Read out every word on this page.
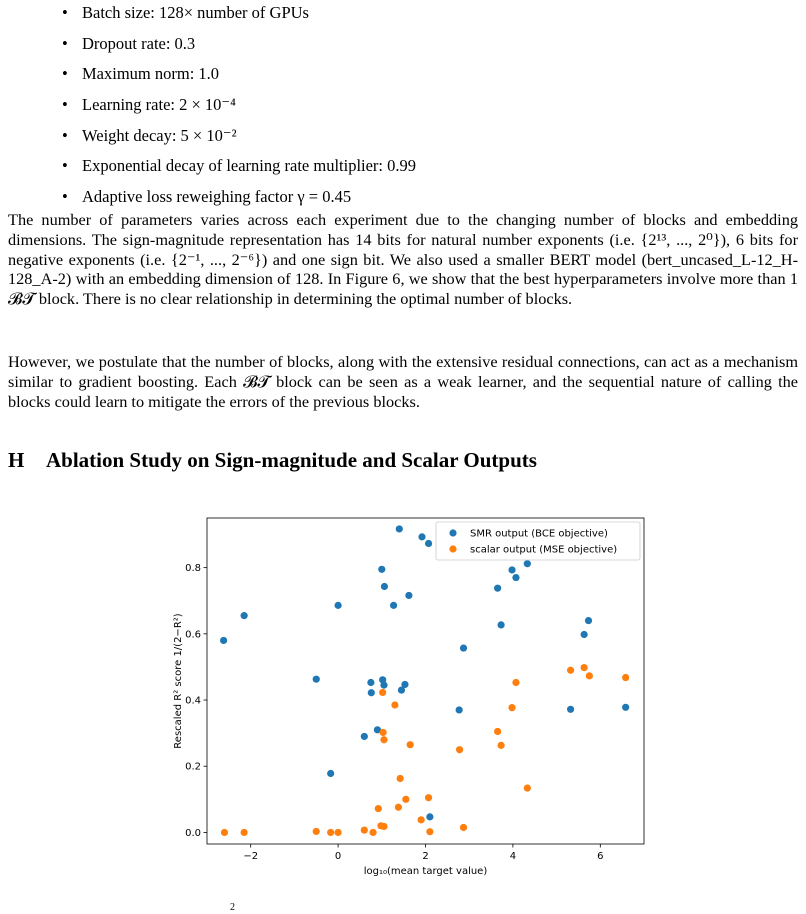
• Batch size: 128× number of GPUs
• Dropout rate: 0.3
• Maximum norm: 1.0
• Learning rate: 2 × 10⁻⁴
• Weight decay: 5 × 10⁻²
• Exponential decay of learning rate multiplier: 0.99
• Adaptive loss reweighing factor γ = 0.45

The number of parameters varies across each experiment due to the changing number of blocks and embedding dimensions. The sign-magnitude representation has 14 bits for natural number exponents (i.e. {2¹³, ..., 2⁰}), 6 bits for negative exponents (i.e. {2⁻¹, ..., 2⁻⁶}) and one sign bit. We also used a smaller BERT model (bert_uncased_L-12_H-128_A-2) with an embedding dimension of 128. In Figure 6, we show that the best hyperparameters involve more than 1 𝓑𝓣 block. There is no clear relationship in determining the optimal number of blocks.

However, we postulate that the number of blocks, along with the extensive residual connections, can act as a mechanism similar to gradient boosting. Each 𝓑𝓣 block can be seen as a weak learner, and the sequential nature of calling the blocks could learn to mitigate the errors of the previous blocks.

H Ablation Study on Sign-magnitude and Scalar Outputs
−2	0	2	4	6
0.0
0.2
0.4
0.6
0.8
log₁₀(mean target value)
Rescaled R² score 1/(2−R²)
SMR output (BCE objective)
scalar output (MSE objective)
2
